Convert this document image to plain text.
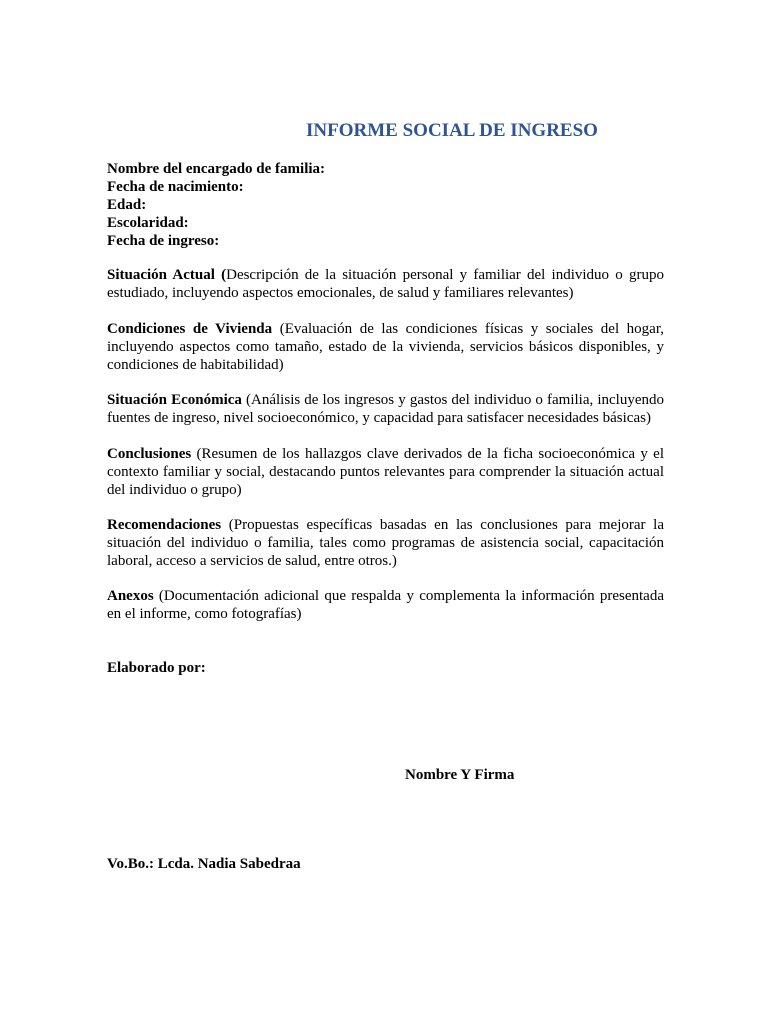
INFORME SOCIAL DE INGRESO
Nombre del encargado de familia:
Fecha de nacimiento:
Edad:
Escolaridad:
Fecha de ingreso:

Situación Actual (Descripción de la situación personal y familiar del individuo o grupo estudiado, incluyendo aspectos emocionales, de salud y familiares relevantes)

Condiciones de Vivienda (Evaluación de las condiciones físicas y sociales del hogar, incluyendo aspectos como tamaño, estado de la vivienda, servicios básicos disponibles, y condiciones de habitabilidad)

Situación Económica (Análisis de los ingresos y gastos del individuo o familia, incluyendo fuentes de ingreso, nivel socioeconómico, y capacidad para satisfacer necesidades básicas)

Conclusiones (Resumen de los hallazgos clave derivados de la ficha socioeconómica y el contexto familiar y social, destacando puntos relevantes para comprender la situación actual del individuo o grupo)

Recomendaciones (Propuestas específicas basadas en las conclusiones para mejorar la situación del individuo o familia, tales como programas de asistencia social, capacitación laboral, acceso a servicios de salud, entre otros.)

Anexos (Documentación adicional que respalda y complementa la información presentada en el informe, como fotografías)

Elaborado por:
Nombre Y Firma
Vo.Bo.: Lcda. Nadia Sabedraa
